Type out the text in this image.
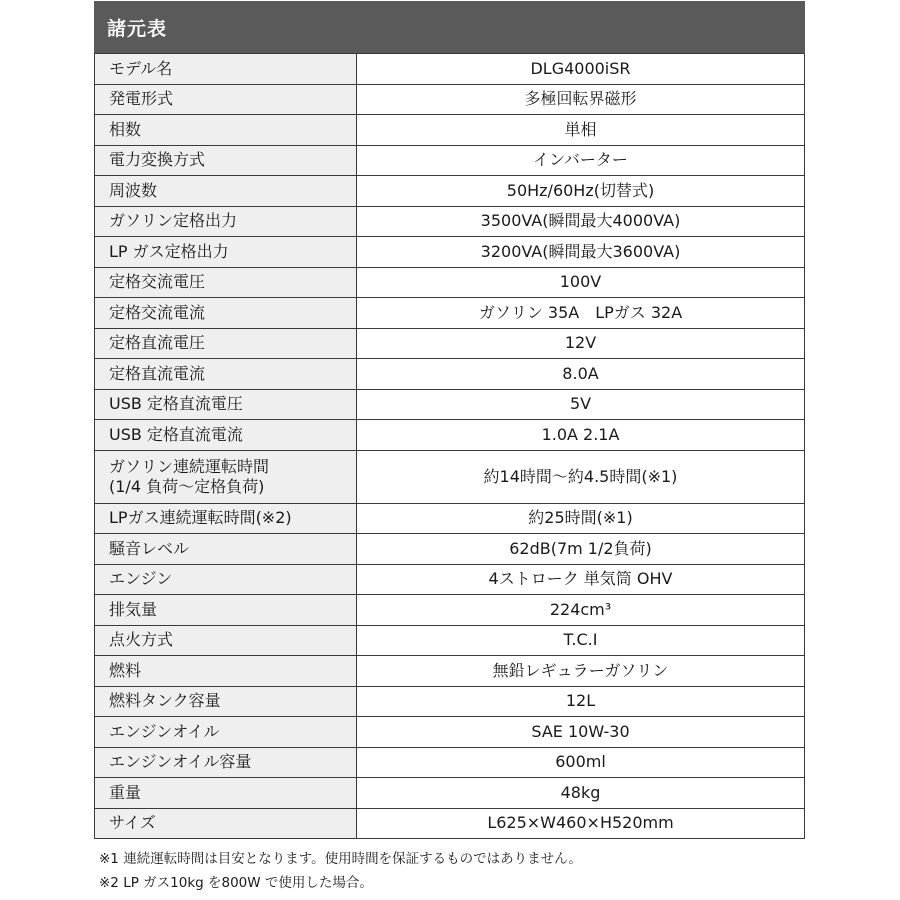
諸元表
モデル名	DLG4000iSR
発電形式	多極回転界磁形
相数	単相
電力変換方式	インバーター
周波数	50Hz/60Hz(切替式)
ガソリン定格出力	3500VA(瞬間最大4000VA)
LP ガス定格出力	3200VA(瞬間最大3600VA)
定格交流電圧	100V
定格交流電流	ガソリン 35A　LPガス 32A
定格直流電圧	12V
定格直流電流	8.0A
USB 定格直流電圧	5V
USB 定格直流電流	1.0A 2.1A
ガソリン連続運転時間
(1/4 負荷～定格負荷)	約14時間～約4.5時間(※1)
LPガス連続運転時間(※2)	約25時間(※1)
騒音レベル	62dB(7m 1/2負荷)
エンジン	4ストローク 単気筒 OHV
排気量	224cm³
点火方式	T.C.I
燃料	無鉛レギュラーガソリン
燃料タンク容量	12L
エンジンオイル	SAE 10W-30
エンジンオイル容量	600ml
重量	48kg
サイズ	L625×W460×H520mm
※1 連続運転時間は目安となります。使用時間を保証するものではありません。
※2 LP ガス10kg を800W で使用した場合。
